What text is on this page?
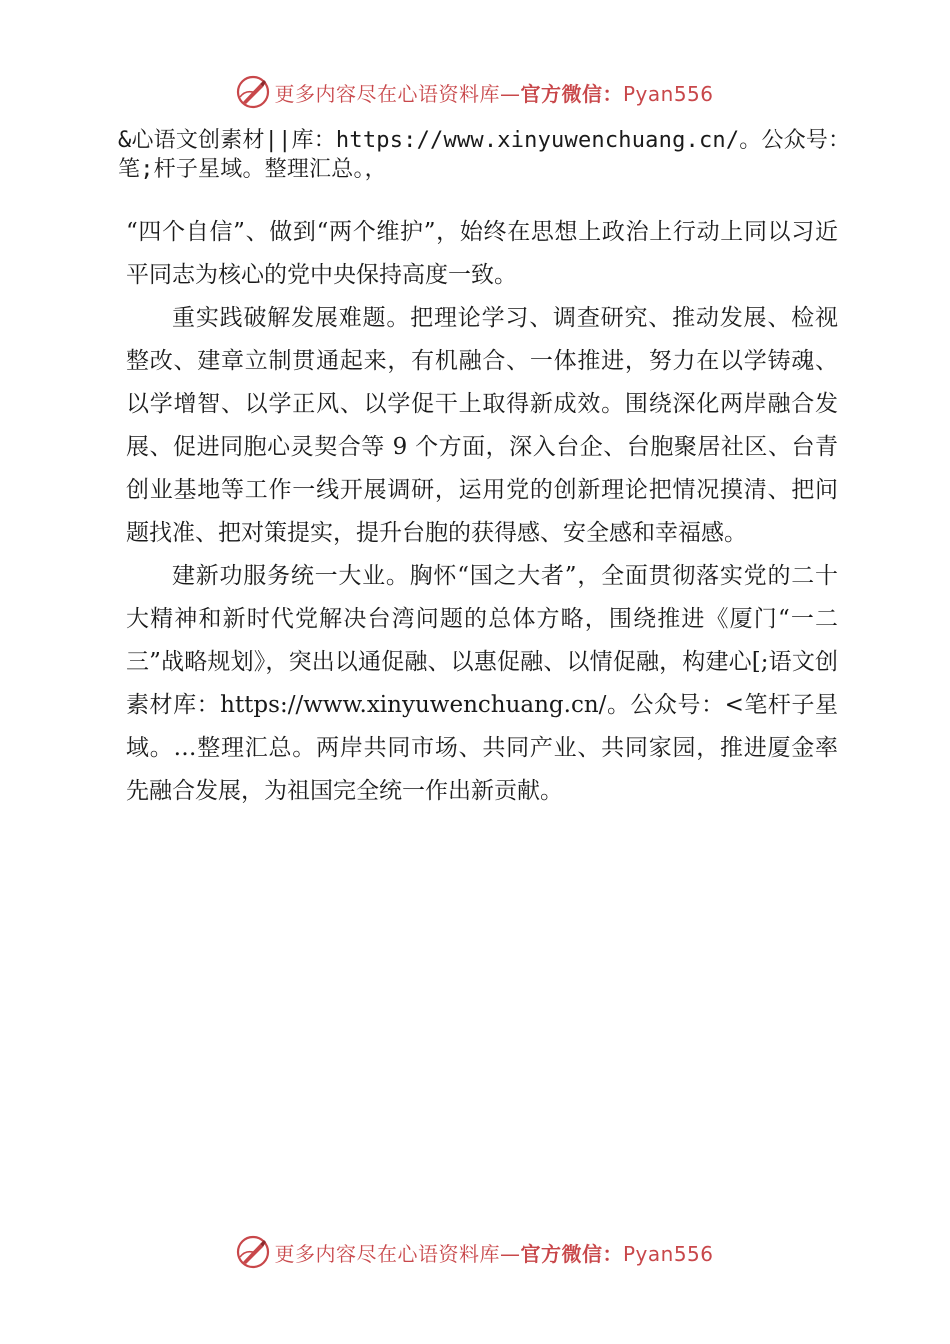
更多内容尽在心语资料库—官方微信：Pyan556

&心语文创素材||库：https://www.xinyuwenchuang.cn/。公众号：

笔;杆子星域。整理汇总。，

“四个自信”、做到“两个维护”，始终在思想上政治上行动上同以习近平同志为核心的党中央保持高度一致。

重实践破解发展难题。把理论学习、调查研究、推动发展、检视整改、建章立制贯通起来，有机融合、一体推进，努力在以学铸魂、以学增智、以学正风、以学促干上取得新成效。围绕深化两岸融合发展、促进同胞心灵契合等 9 个方面，深入台企、台胞聚居社区、台青创业基地等工作一线开展调研，运用党的创新理论把情况摸清、把问题找准、把对策提实，提升台胞的获得感、安全感和幸福感。

建新功服务统一大业。胸怀“国之大者”，全面贯彻落实党的二十大精神和新时代党解决台湾问题的总体方略，围绕推进《厦门“一二三”战略规划》，突出以通促融、以惠促融、以情促融，构建心[;语文创素材库：https://www.xinyuwenchuang.cn/。公众号：<笔杆子星域。…整理汇总。两岸共同市场、共同产业、共同家园，推进厦金率先融合发展，为祖国完全统一作出新贡献。

更多内容尽在心语资料库—官方微信：Pyan556
